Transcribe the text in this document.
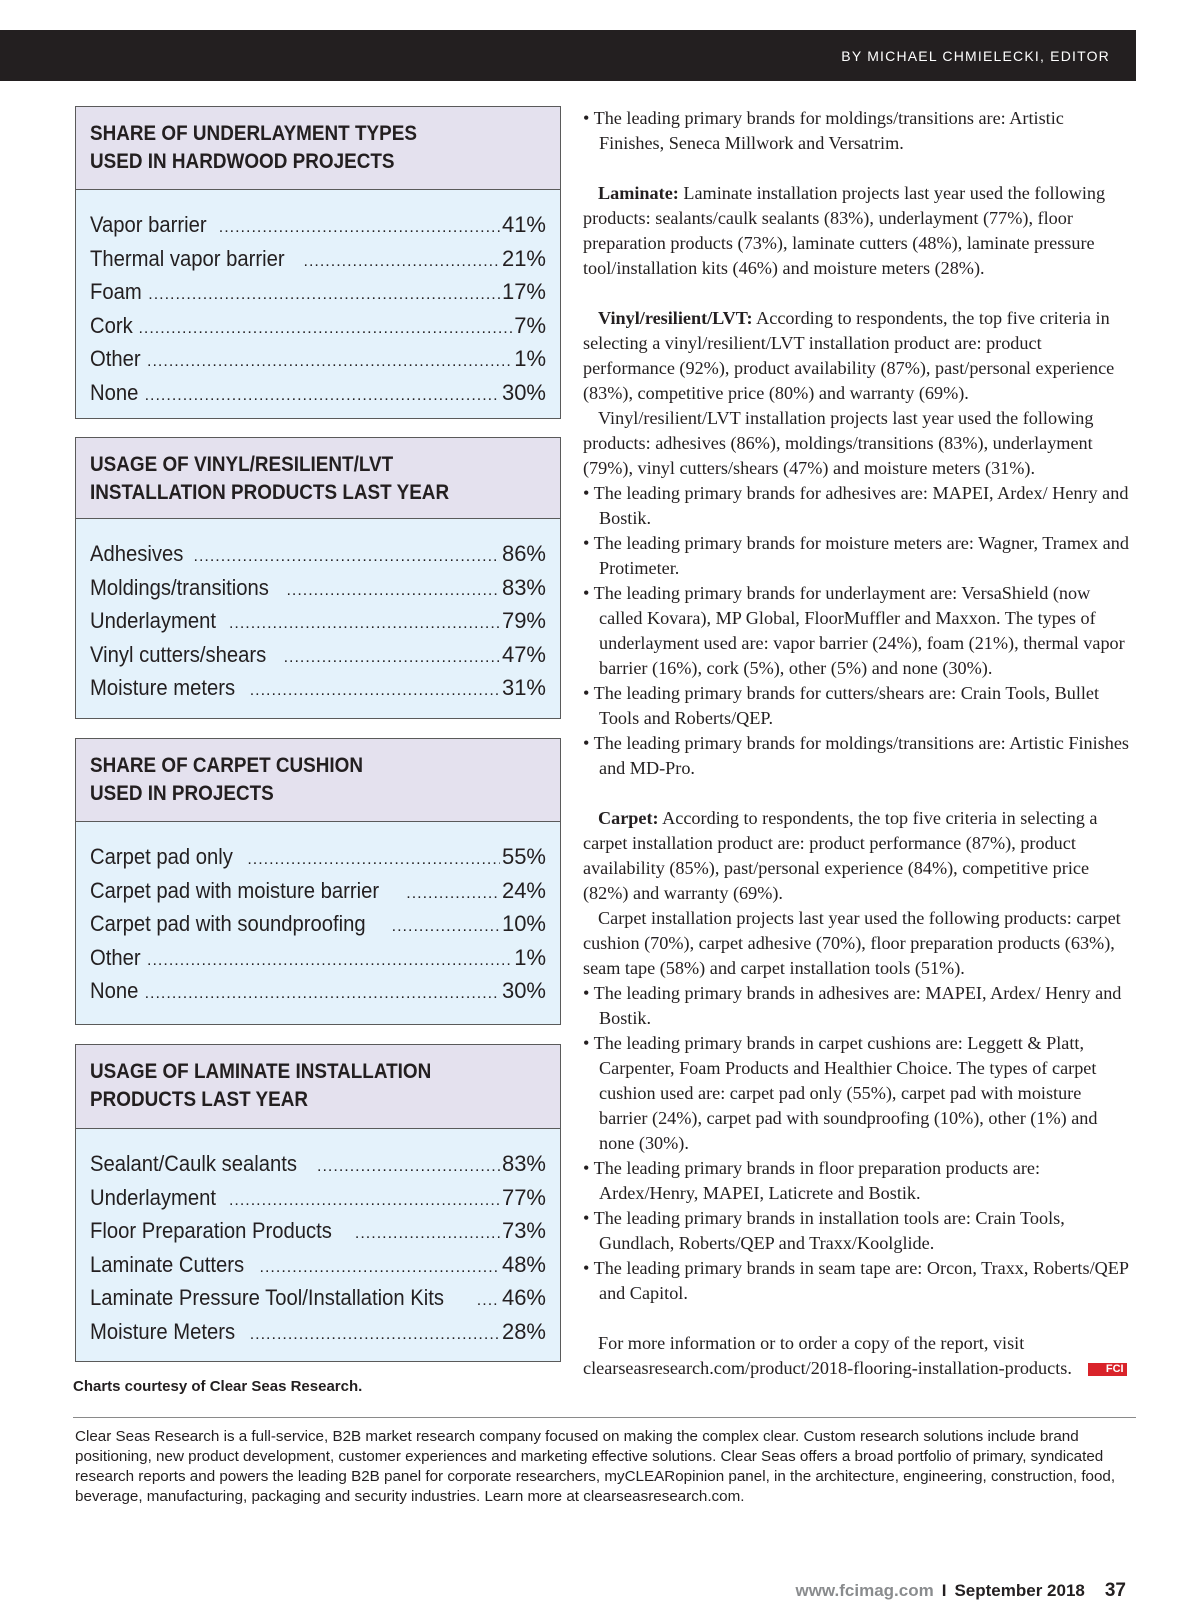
BY MICHAEL CHMIELECKI, EDITOR
SHARE OF UNDERLAYMENT TYPES
USED IN HARDWOOD PROJECTS
Vapor barrier .....	41%
Thermal vapor barrier .....	21%
Foam .....	17%
Cork .....	7%
Other .....	1%
None .....	30%
USAGE OF VINYL/RESILIENT/LVT
INSTALLATION PRODUCTS LAST YEAR
Adhesives .....	86%
Moldings/transitions .....	83%
Underlayment .....	79%
Vinyl cutters/shears .....	47%
Moisture meters .....	31%
SHARE OF CARPET CUSHION
USED IN PROJECTS
Carpet pad only .....	55%
Carpet pad with moisture barrier .....	24%
Carpet pad with soundproofing .....	10%
Other .....	1%
None .....	30%
USAGE OF LAMINATE INSTALLATION
PRODUCTS LAST YEAR
Sealant/Caulk sealants .....	83%
Underlayment .....	77%
Floor Preparation Products .....	73%
Laminate Cutters .....	48%
Laminate Pressure Tool/Installation Kits .....	46%
Moisture Meters .....	28%
Charts courtesy of Clear Seas Research.

• The leading primary brands for moldings/transitions are: Artistic Finishes, Seneca Millwork and Versatrim.

Laminate: Laminate installation projects last year used the following products: sealants/caulk sealants (83%), underlayment (77%), floor preparation products (73%), laminate cutters (48%), laminate pressure tool/installation kits (46%) and moisture meters (28%).

Vinyl/resilient/LVT: According to respondents, the top five criteria in selecting a vinyl/resilient/LVT installation product are: product performance (92%), product availability (87%), past/personal experience (83%), competitive price (80%) and warranty (69%).

Vinyl/resilient/LVT installation projects last year used the following products: adhesives (86%), moldings/transitions (83%), underlayment (79%), vinyl cutters/shears (47%) and moisture meters (31%).

• The leading primary brands for adhesives are: MAPEI, Ardex/ Henry and Bostik.

• The leading primary brands for moisture meters are: Wagner, Tramex and Protimeter.

• The leading primary brands for underlayment are: VersaShield (now called Kovara), MP Global, FloorMuffler and Maxxon. The types of underlayment used are: vapor barrier (24%), foam (21%), thermal vapor barrier (16%), cork (5%), other (5%) and none (30%).

• The leading primary brands for cutters/shears are: Crain Tools, Bullet Tools and Roberts/QEP.

• The leading primary brands for moldings/transitions are: Artistic Finishes and MD-Pro.

Carpet: According to respondents, the top five criteria in selecting a carpet installation product are: product performance (87%), product availability (85%), past/personal experience (84%), competitive price (82%) and warranty (69%).

Carpet installation projects last year used the following products: carpet cushion (70%), carpet adhesive (70%), floor preparation products (63%), seam tape (58%) and carpet installation tools (51%).

• The leading primary brands in adhesives are: MAPEI, Ardex/ Henry and Bostik.

• The leading primary brands in carpet cushions are: Leggett & Platt, Carpenter, Foam Products and Healthier Choice. The types of carpet cushion used are: carpet pad only (55%), carpet pad with moisture barrier (24%), carpet pad with soundproofing (10%), other (1%) and none (30%).

• The leading primary brands in floor preparation products are: Ardex/Henry, MAPEI, Laticrete and Bostik.

• The leading primary brands in installation tools are: Crain Tools, Gundlach, Roberts/QEP and Traxx/Koolglide.

• The leading primary brands in seam tape are: Orcon, Traxx, Roberts/QEP and Capitol.

For more information or to order a copy of the report, visit clearseasresearch.com/product/2018-flooring-installation-products.	FCI

Clear Seas Research is a full-service, B2B market research company focused on making the complex clear. Custom research solutions include brand positioning, new product development, customer experiences and marketing effective solutions. Clear Seas offers a broad portfolio of primary, syndicated research reports and powers the leading B2B panel for corporate researchers, myCLEARopinion panel, in the architecture, engineering, construction, food, beverage, manufacturing, packaging and security industries. Learn more at clearseasresearch.com.
www.fcimag.com I September 2018 37
